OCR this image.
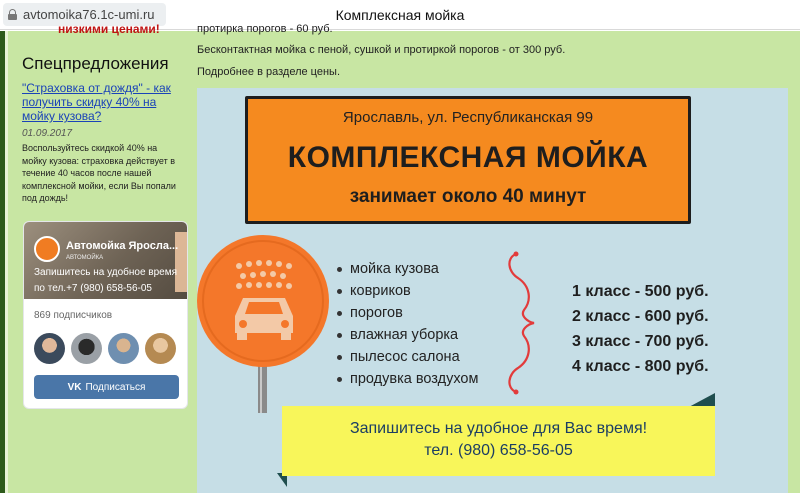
avtomoika76.1c-umi.ru	Комплексная мойка
низкими ценами!
Спецпредложения
"Страховка от дождя" - как получить скидку 40% на мойку кузова?
01.09.2017
Воспользуйтесь скидкой 40% на мойку кузова: страховка действует в течение 40 часов после нашей комплексной мойки, если Вы попали под дождь!
Автомойка Яросла...
АВТОМОЙКА
Запишитесь на удобное время
по тел.+7 (980) 658-56-05
869 подписчиков
VK Подписаться
протирка порогов - 60 руб.
Бесконтактная мойка с пеной, сушкой и протиркой порогов - от 300 руб.
Подробнее в разделе цены.
Ярославль, ул. Республиканская 99
КОМПЛЕКСНАЯ МОЙКА
занимает около 40 минут
мойка кузова
ковриков
порогов
влажная уборка
пылесос салона
продувка воздухом
1 класс - 500 руб.
2 класс - 600 руб.
3 класс - 700 руб.
4 класс - 800 руб.
Запишитесь на удобное для Вас время!
тел. (980) 658-56-05
